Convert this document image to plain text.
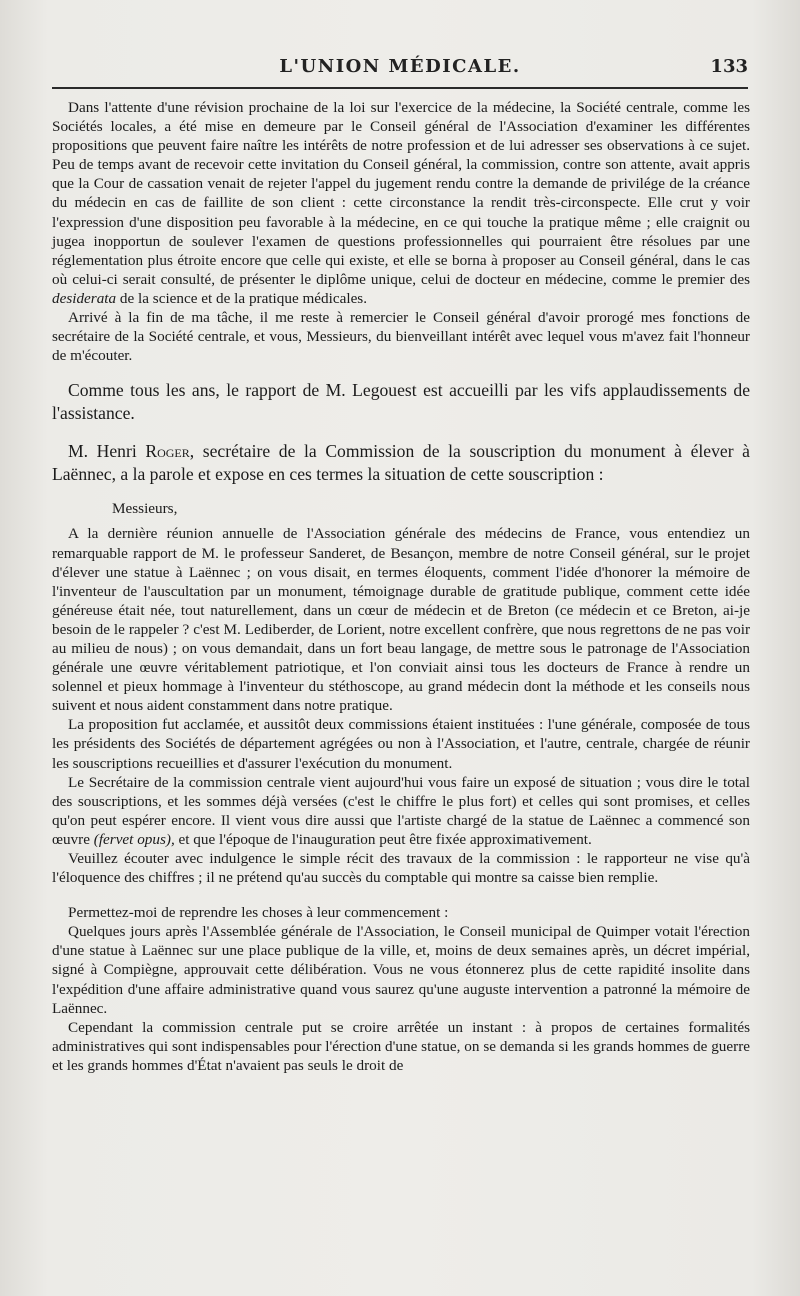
L'UNION MÉDICALE.	133

Dans l'attente d'une révision prochaine de la loi sur l'exercice de la médecine, la Société centrale, comme les Sociétés locales, a été mise en demeure par le Conseil général de l'Association d'examiner les différentes propositions que peuvent faire naître les intérêts de notre profession et de lui adresser ses observations à ce sujet. Peu de temps avant de recevoir cette invitation du Conseil général, la commission, contre son attente, avait appris que la Cour de cassation venait de rejeter l'appel du jugement rendu contre la demande de privilége de la créance du médecin en cas de faillite de son client : cette circonstance la rendit très-circonspecte. Elle crut y voir l'expression d'une disposition peu favorable à la médecine, en ce qui touche la pratique même ; elle craignit ou jugea inopportun de soulever l'examen de questions professionnelles qui pourraient être résolues par une réglementation plus étroite encore que celle qui existe, et elle se borna à proposer au Conseil général, dans le cas où celui-ci serait consulté, de présenter le diplôme unique, celui de docteur en médecine, comme le premier des desiderata de la science et de la pratique médicales.

Arrivé à la fin de ma tâche, il me reste à remercier le Conseil général d'avoir prorogé mes fonctions de secrétaire de la Société centrale, et vous, Messieurs, du bienveillant intérêt avec lequel vous m'avez fait l'honneur de m'écouter.

Comme tous les ans, le rapport de M. Legouest est accueilli par les vifs applaudissements de l'assistance.

M. Henri Roger, secrétaire de la Commission de la souscription du monument à élever à Laënnec, a la parole et expose en ces termes la situation de cette souscription :

Messieurs,

A la dernière réunion annuelle de l'Association générale des médecins de France, vous entendiez un remarquable rapport de M. le professeur Sanderet, de Besançon, membre de notre Conseil général, sur le projet d'élever une statue à Laënnec ; on vous disait, en termes éloquents, comment l'idée d'honorer la mémoire de l'inventeur de l'auscultation par un monument, témoignage durable de gratitude publique, comment cette idée généreuse était née, tout naturellement, dans un cœur de médecin et de Breton (ce médecin et ce Breton, ai-je besoin de le rappeler ? c'est M. Lediberder, de Lorient, notre excellent confrère, que nous regrettons de ne pas voir au milieu de nous) ; on vous demandait, dans un fort beau langage, de mettre sous le patronage de l'Association générale une œuvre véritablement patriotique, et l'on conviait ainsi tous les docteurs de France à rendre un solennel et pieux hommage à l'inventeur du stéthoscope, au grand médecin dont la méthode et les conseils nous suivent et nous aident constamment dans notre pratique.

La proposition fut acclamée, et aussitôt deux commissions étaient instituées : l'une générale, composée de tous les présidents des Sociétés de département agrégées ou non à l'Association, et l'autre, centrale, chargée de réunir les souscriptions recueillies et d'assurer l'exécution du monument.

Le Secrétaire de la commission centrale vient aujourd'hui vous faire un exposé de situation ; vous dire le total des souscriptions, et les sommes déjà versées (c'est le chiffre le plus fort) et celles qui sont promises, et celles qu'on peut espérer encore. Il vient vous dire aussi que l'artiste chargé de la statue de Laënnec a commencé son œuvre (fervet opus), et que l'époque de l'inauguration peut être fixée approximativement.

Veuillez écouter avec indulgence le simple récit des travaux de la commission : le rapporteur ne vise qu'à l'éloquence des chiffres ; il ne prétend qu'au succès du comptable qui montre sa caisse bien remplie.

Permettez-moi de reprendre les choses à leur commencement :

Quelques jours après l'Assemblée générale de l'Association, le Conseil municipal de Quimper votait l'érection d'une statue à Laënnec sur une place publique de la ville, et, moins de deux semaines après, un décret impérial, signé à Compiègne, approuvait cette délibération. Vous ne vous étonnerez plus de cette rapidité insolite dans l'expédition d'une affaire administrative quand vous saurez qu'une auguste intervention a patronné la mémoire de Laënnec.

Cependant la commission centrale put se croire arrêtée un instant : à propos de certaines formalités administratives qui sont indispensables pour l'érection d'une statue, on se demanda si les grands hommes de guerre et les grands hommes d'État n'avaient pas seuls le droit de
